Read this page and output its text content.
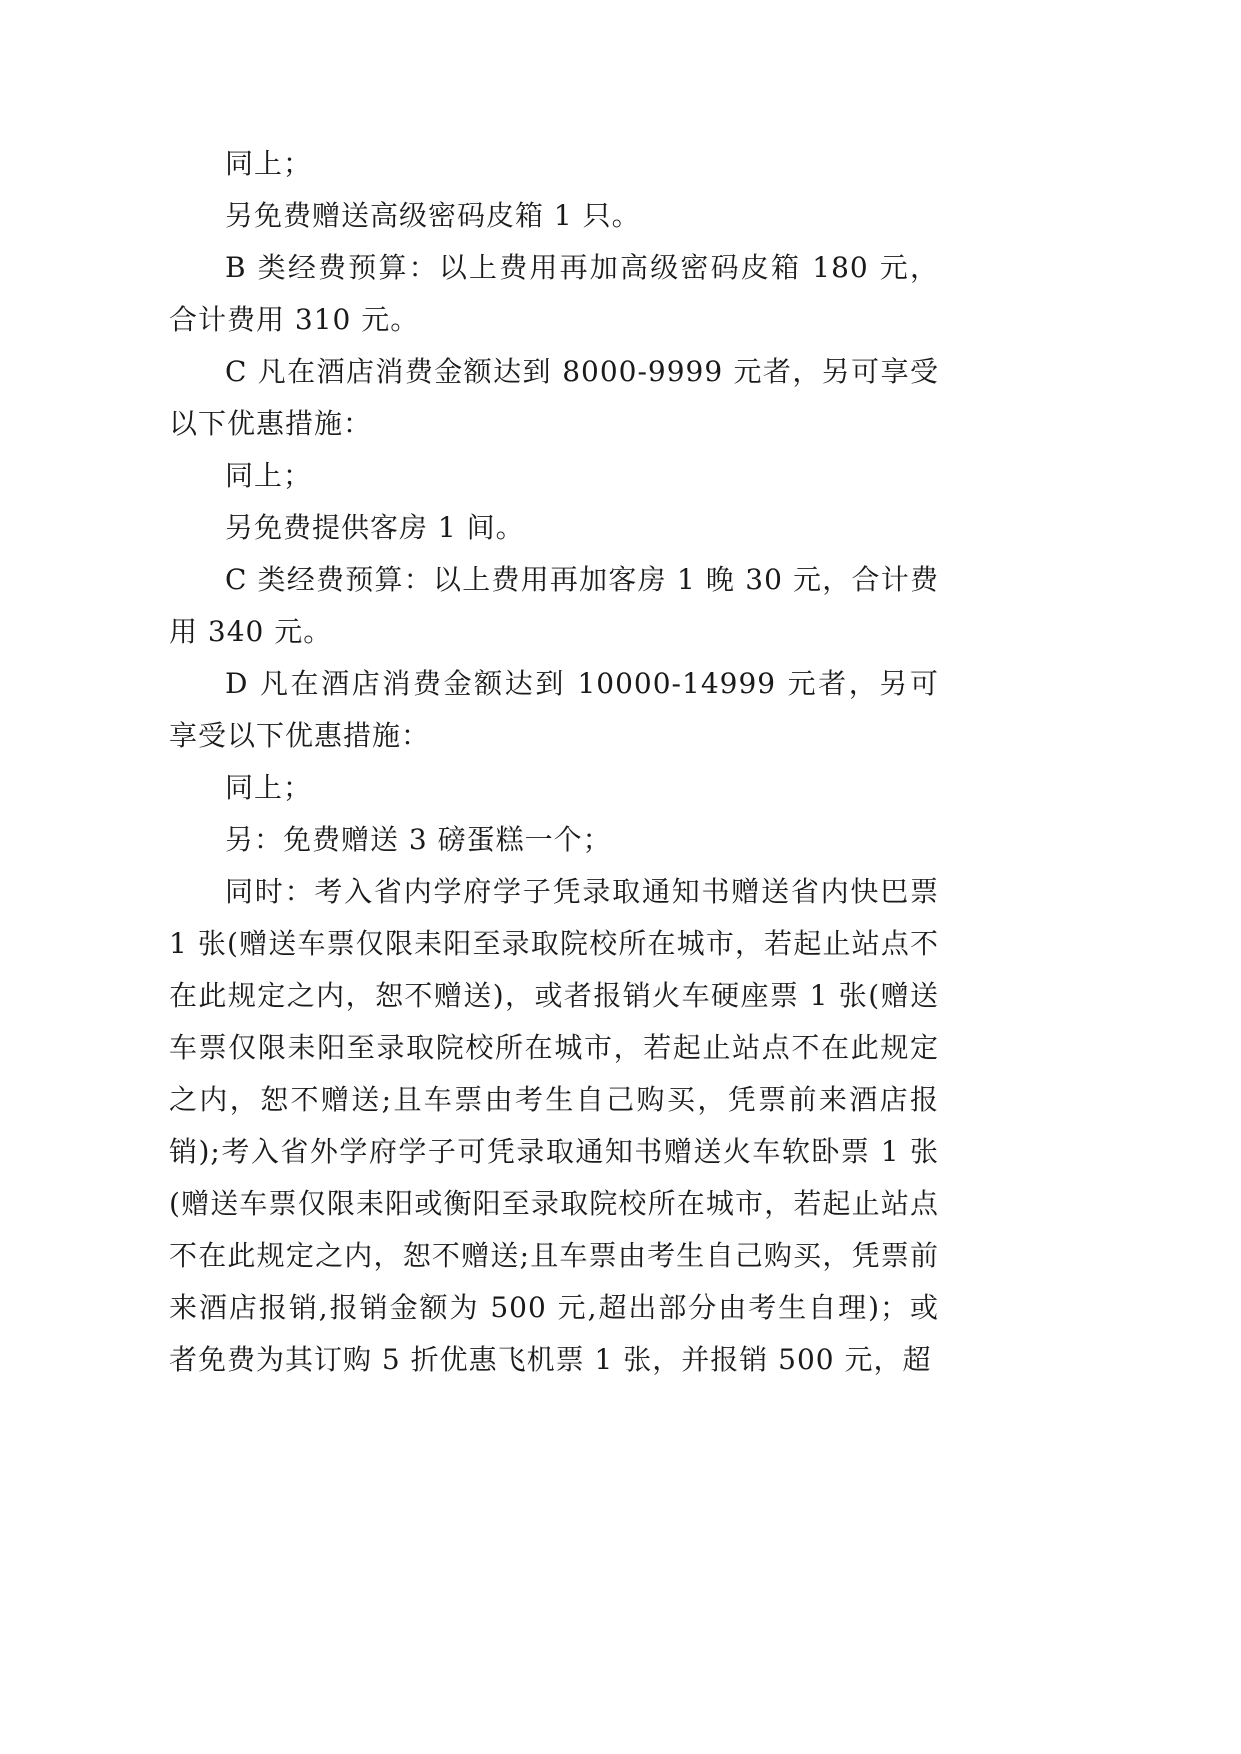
同上；

另免费赠送高级密码皮箱 1 只。

B 类经费预算：以上费用再加高级密码皮箱 180 元，合计费用 310 元。

C 凡在酒店消费金额达到 8000-9999 元者，另可享受以下优惠措施：

同上；

另免费提供客房 1 间。

C 类经费预算：以上费用再加客房 1 晚 30 元，合计费用 340 元。

D 凡在酒店消费金额达到 10000-14999 元者，另可享受以下优惠措施：

同上；

另：免费赠送 3 磅蛋糕一个；

同时：考入省内学府学子凭录取通知书赠送省内快巴票 1 张(赠送车票仅限耒阳至录取院校所在城市，若起止站点不在此规定之内，恕不赠送)，或者报销火车硬座票 1 张(赠送车票仅限耒阳至录取院校所在城市，若起止站点不在此规定之内，恕不赠送;且车票由考生自己购买，凭票前来酒店报销);考入省外学府学子可凭录取通知书赠送火车软卧票 1 张(赠送车票仅限耒阳或衡阳至录取院校所在城市，若起止站点不在此规定之内，恕不赠送;且车票由考生自己购买，凭票前来酒店报销,报销金额为 500 元,超出部分由考生自理)；或者免费为其订购 5 折优惠飞机票 1 张，并报销 500 元，超
